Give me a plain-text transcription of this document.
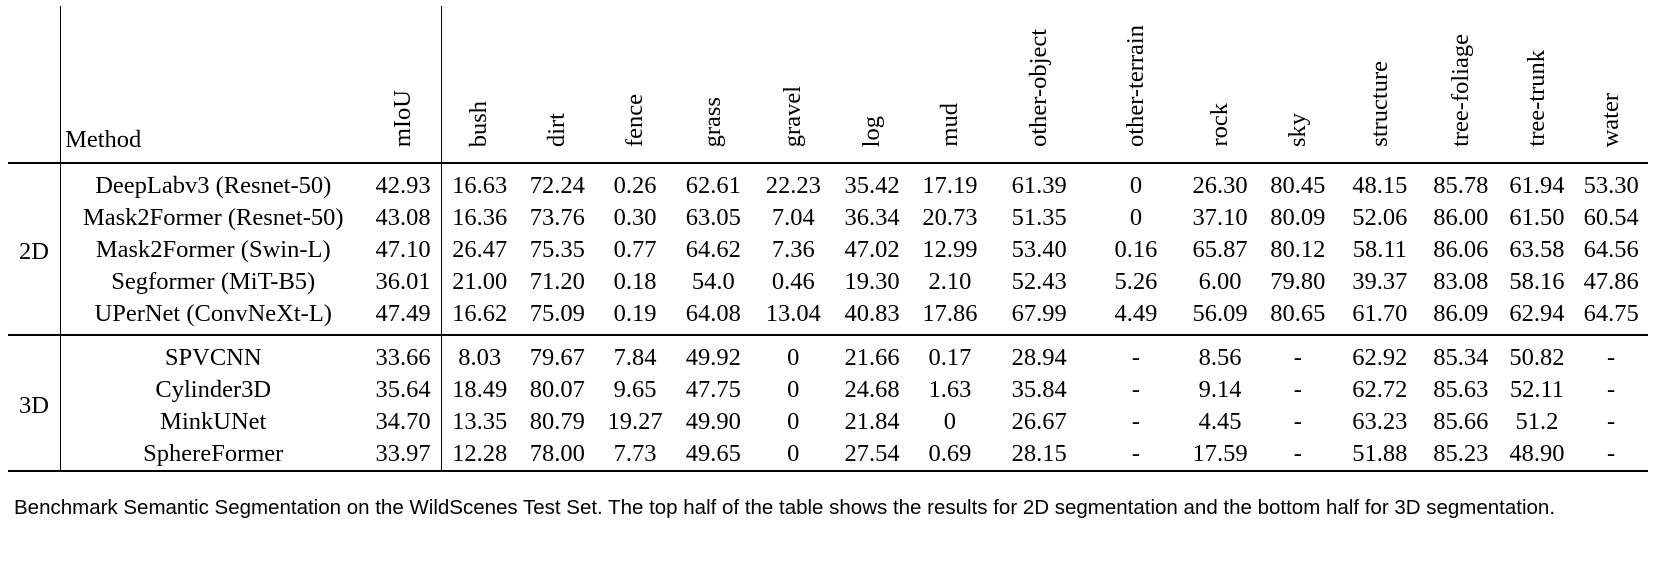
	Method	mIoU	bush	dirt	fence	grass	gravel	log	mud	other-object	other-terrain	rock	sky	structure	tree-foliage	tree-trunk	water
2D	DeepLabv3 (Resnet-50)	42.93	16.63	72.24	0.26	62.61	22.23	35.42	17.19	61.39	0	26.30	80.45	48.15	85.78	61.94	53.30
	Mask2Former (Resnet-50)	43.08	16.36	73.76	0.30	63.05	7.04	36.34	20.73	51.35	0	37.10	80.09	52.06	86.00	61.50	60.54
	Mask2Former (Swin-L)	47.10	26.47	75.35	0.77	64.62	7.36	47.02	12.99	53.40	0.16	65.87	80.12	58.11	86.06	63.58	64.56
	Segformer (MiT-B5)	36.01	21.00	71.20	0.18	54.0	0.46	19.30	2.10	52.43	5.26	6.00	79.80	39.37	83.08	58.16	47.86
	UPerNet (ConvNeXt-L)	47.49	16.62	75.09	0.19	64.08	13.04	40.83	17.86	67.99	4.49	56.09	80.65	61.70	86.09	62.94	64.75
3D	SPVCNN	33.66	8.03	79.67	7.84	49.92	0	21.66	0.17	28.94	-	8.56	-	62.92	85.34	50.82	-
	Cylinder3D	35.64	18.49	80.07	9.65	47.75	0	24.68	1.63	35.84	-	9.14	-	62.72	85.63	52.11	-
	MinkUNet	34.70	13.35	80.79	19.27	49.90	0	21.84	0	26.67	-	4.45	-	63.23	85.66	51.2	-
	SphereFormer	33.97	12.28	78.00	7.73	49.65	0	27.54	0.69	28.15	-	17.59	-	51.88	85.23	48.90	-
Benchmark Semantic Segmentation on the WildScenes Test Set. The top half of the table shows the results for 2D segmentation and the bottom half for 3D segmentation.
